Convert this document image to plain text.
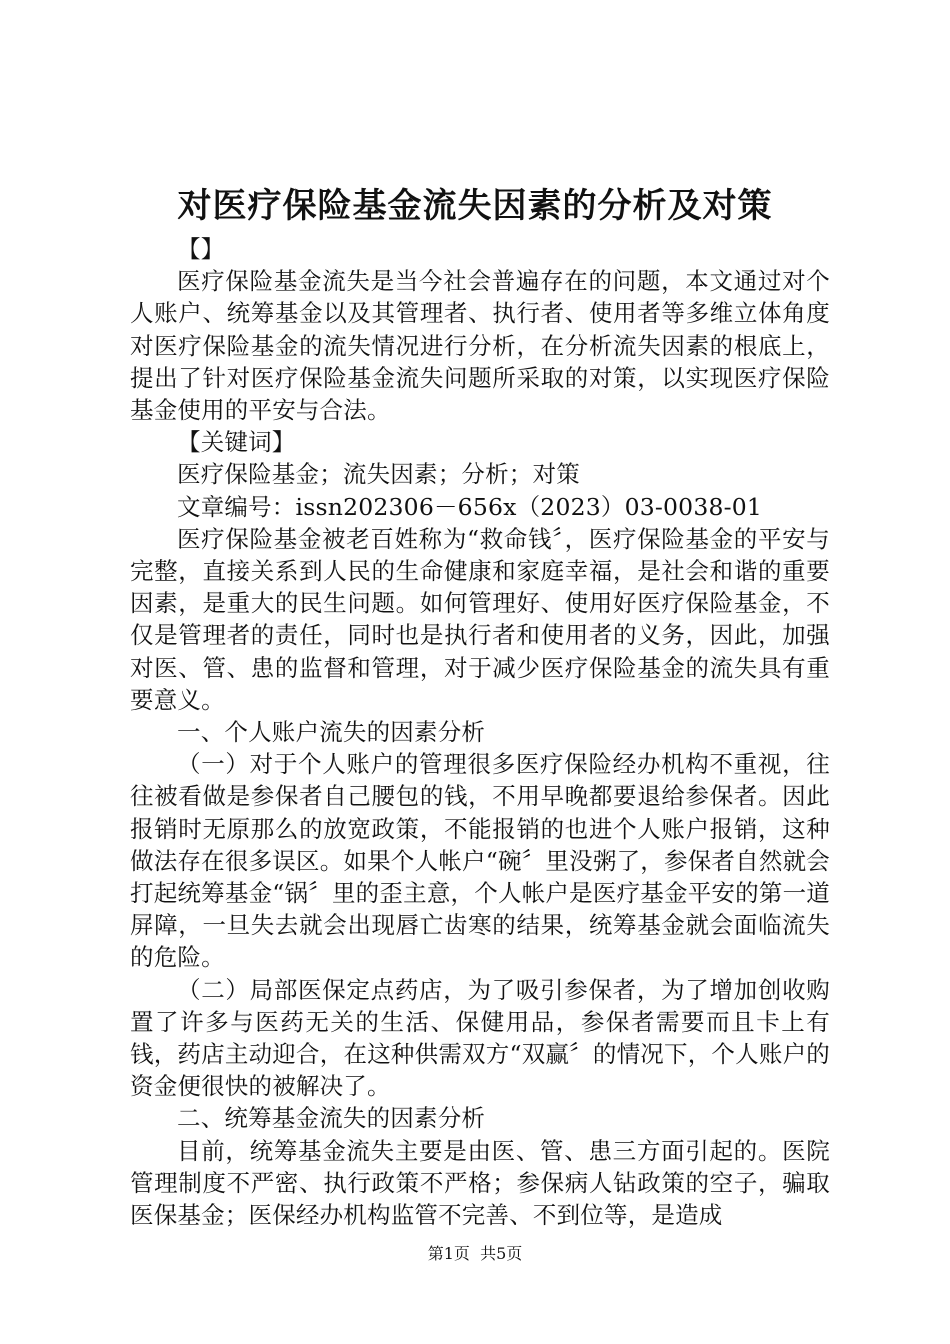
对医疗保险基金流失因素的分析及对策

【】

医疗保险基金流失是当今社会普遍存在的问题，本文通过对个人账户、统筹基金以及其管理者、执行者、使用者等多维立体角度对医疗保险基金的流失情况进行分析，在分析流失因素的根底上，提出了针对医疗保险基金流失问题所采取的对策，以实现医疗保险基金使用的平安与合法。

【关键词】

医疗保险基金；流失因素；分析；对策

文章编号：issn202306－656x（2023）03-0038-01

医疗保险基金被老百姓称为“救命钱〞，医疗保险基金的平安与完整，直接关系到人民的生命健康和家庭幸福，是社会和谐的重要因素，是重大的民生问题。如何管理好、使用好医疗保险基金，不仅是管理者的责任，同时也是执行者和使用者的义务，因此，加强对医、管、患的监督和管理，对于减少医疗保险基金的流失具有重要意义。

一、个人账户流失的因素分析

（一）对于个人账户的管理很多医疗保险经办机构不重视，往往被看做是参保者自己腰包的钱，不用早晚都要退给参保者。因此报销时无原那么的放宽政策，不能报销的也进个人账户报销，这种做法存在很多误区。如果个人帐户“碗〞里没粥了，参保者自然就会打起统筹基金“锅〞里的歪主意，个人帐户是医疗基金平安的第一道屏障，一旦失去就会出现唇亡齿寒的结果，统筹基金就会面临流失的危险。

（二）局部医保定点药店，为了吸引参保者，为了增加创收购置了许多与医药无关的生活、保健用品，参保者需要而且卡上有钱，药店主动迎合，在这种供需双方“双赢〞的情况下，个人账户的资金便很快的被解决了。

二、统筹基金流失的因素分析

目前，统筹基金流失主要是由医、管、患三方面引起的。医院管理制度不严密、执行政策不严格；参保病人钻政策的空子，骗取医保基金；医保经办机构监管不完善、不到位等，是造成

第1页  共5页
